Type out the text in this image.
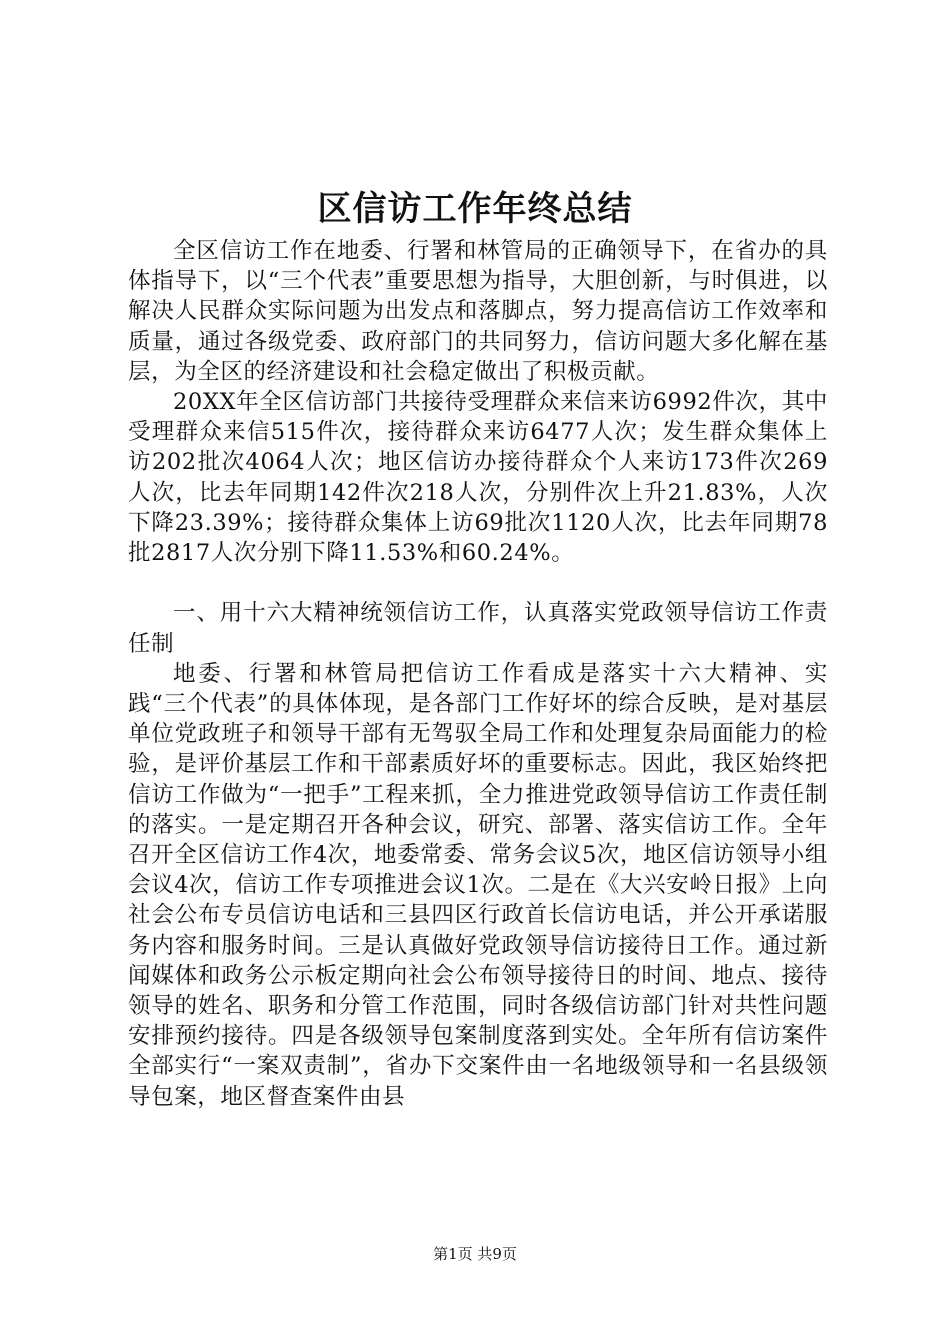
区信访工作年终总结

全区信访工作在地委、行署和林管局的正确领导下，在省办的具体指导下，以“三个代表”重要思想为指导，大胆创新，与时俱进，以解决人民群众实际问题为出发点和落脚点，努力提高信访工作效率和质量，通过各级党委、政府部门的共同努力，信访问题大多化解在基层，为全区的经济建设和社会稳定做出了积极贡献。

20XX年全区信访部门共接待受理群众来信来访6992件次，其中受理群众来信515件次，接待群众来访6477人次；发生群众集体上访202批次4064人次；地区信访办接待群众个人来访173件次269人次，比去年同期142件次218人次，分别件次上升21.83%，人次下降23.39%；接待群众集体上访69批次1120人次，比去年同期78批2817人次分别下降11.53%和60.24%。

一、用十六大精神统领信访工作，认真落实党政领导信访工作责任制

地委、行署和林管局把信访工作看成是落实十六大精神、实践“三个代表”的具体体现，是各部门工作好坏的综合反映，是对基层单位党政班子和领导干部有无驾驭全局工作和处理复杂局面能力的检验，是评价基层工作和干部素质好坏的重要标志。因此，我区始终把信访工作做为“一把手”工程来抓，全力推进党政领导信访工作责任制的落实。一是定期召开各种会议，研究、部署、落实信访工作。全年召开全区信访工作4次，地委常委、常务会议5次，地区信访领导小组会议4次，信访工作专项推进会议1次。二是在《大兴安岭日报》上向社会公布专员信访电话和三县四区行政首长信访电话，并公开承诺服务内容和服务时间。三是认真做好党政领导信访接待日工作。通过新闻媒体和政务公示板定期向社会公布领导接待日的时间、地点、接待领导的姓名、职务和分管工作范围，同时各级信访部门针对共性问题安排预约接待。四是各级领导包案制度落到实处。全年所有信访案件全部实行“一案双责制”，省办下交案件由一名地级领导和一名县级领导包案，地区督查案件由县

第1页 共9页
